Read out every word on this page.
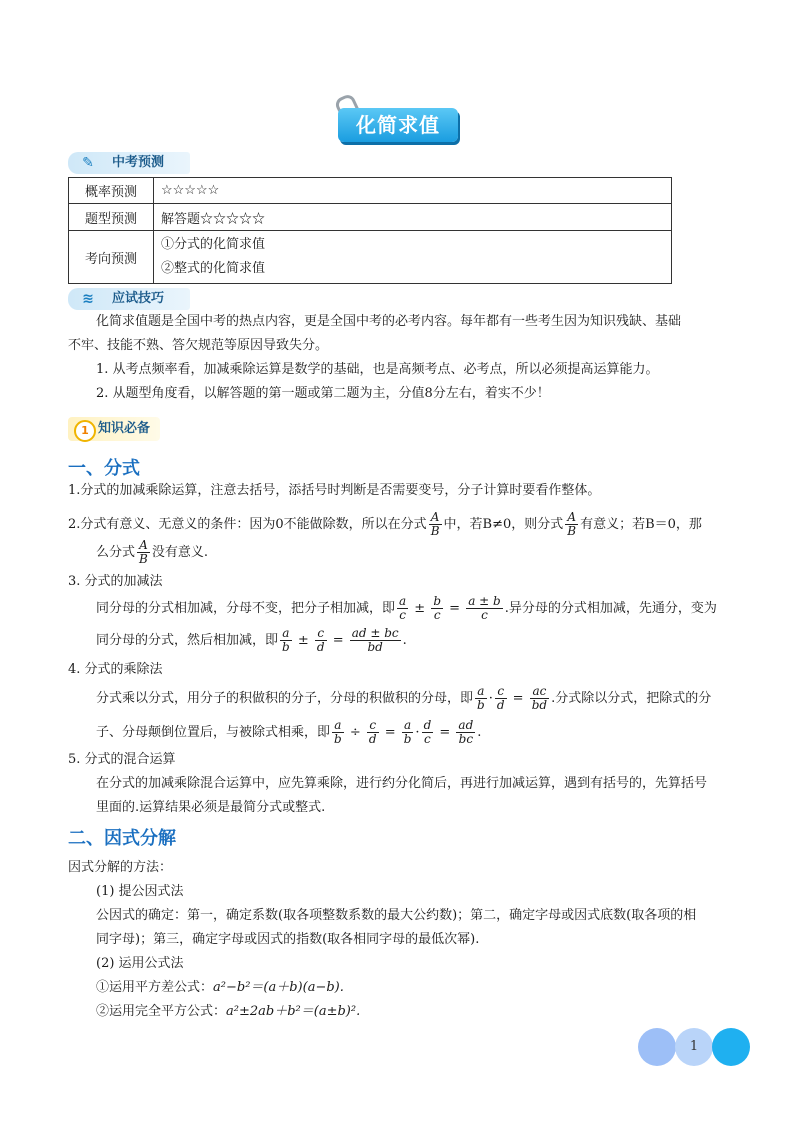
化简求值
✎ 中考预测
概率预测	☆☆☆☆☆
题型预测	解答题☆☆☆☆☆
考向预测	①分式的化简求值
②整式的化简求值
≋ 应试技巧
化简求值题是全国中考的热点内容，更是全国中考的必考内容。每年都有一些考生因为知识残缺、基础
不牢、技能不熟、答欠规范等原因导致失分。
1. 从考点频率看，加减乘除运算是数学的基础，也是高频考点、必考点，所以必须提高运算能力。
2. 从题型角度看，以解答题的第一题或第二题为主，分值8分左右，着实不少！
1 知识必备
一、分式
1.分式的加减乘除运算，注意去括号，添括号时判断是否需要变号，分子计算时要看作整体。
2.分式有意义、无意义的条件：因为0不能做除数，所以在分式 $\frac{A}{B}$ 中，若B≠0，则分式 $\frac{A}{B}$ 有意义；若B＝0，那
么分式 $\frac{A}{B}$ 没有意义.
3. 分式的加减法
同分母的分式相加减，分母不变，把分子相加减，即 $\frac{a}{c} \pm \frac{b}{c} = \frac{a \pm b}{c}$ .异分母的分式相加减，先通分，变为
同分母的分式，然后相加减，即 $\frac{a}{b} \pm \frac{c}{d} = \frac{ad \pm bc}{bd}$ .
4. 分式的乘除法
分式乘以分式，用分子的积做积的分子，分母的积做积的分母，即 $\frac{a}{b} \cdot \frac{c}{d} = \frac{ac}{bd}$ .分式除以分式，把除式的分
子、分母颠倒位置后，与被除式相乘，即 $\frac{a}{b} \div \frac{c}{d} = \frac{a}{b} \cdot \frac{d}{c} = \frac{ad}{bc}$ .
5. 分式的混合运算
在分式的加减乘除混合运算中，应先算乘除，进行约分化简后，再进行加减运算，遇到有括号的，先算括号
里面的.运算结果必须是最简分式或整式.
二、因式分解
因式分解的方法：
(1) 提公因式法
公因式的确定：第一，确定系数(取各项整数系数的最大公约数)；第二，确定字母或因式底数(取各项的相
同字母)；第三，确定字母或因式的指数(取各相同字母的最低次幂).
(2) 运用公式法
①运用平方差公式：a²−b²＝(a＋b)(a−b).
②运用完全平方公式：a²±2ab＋b²＝(a±b)².
1
